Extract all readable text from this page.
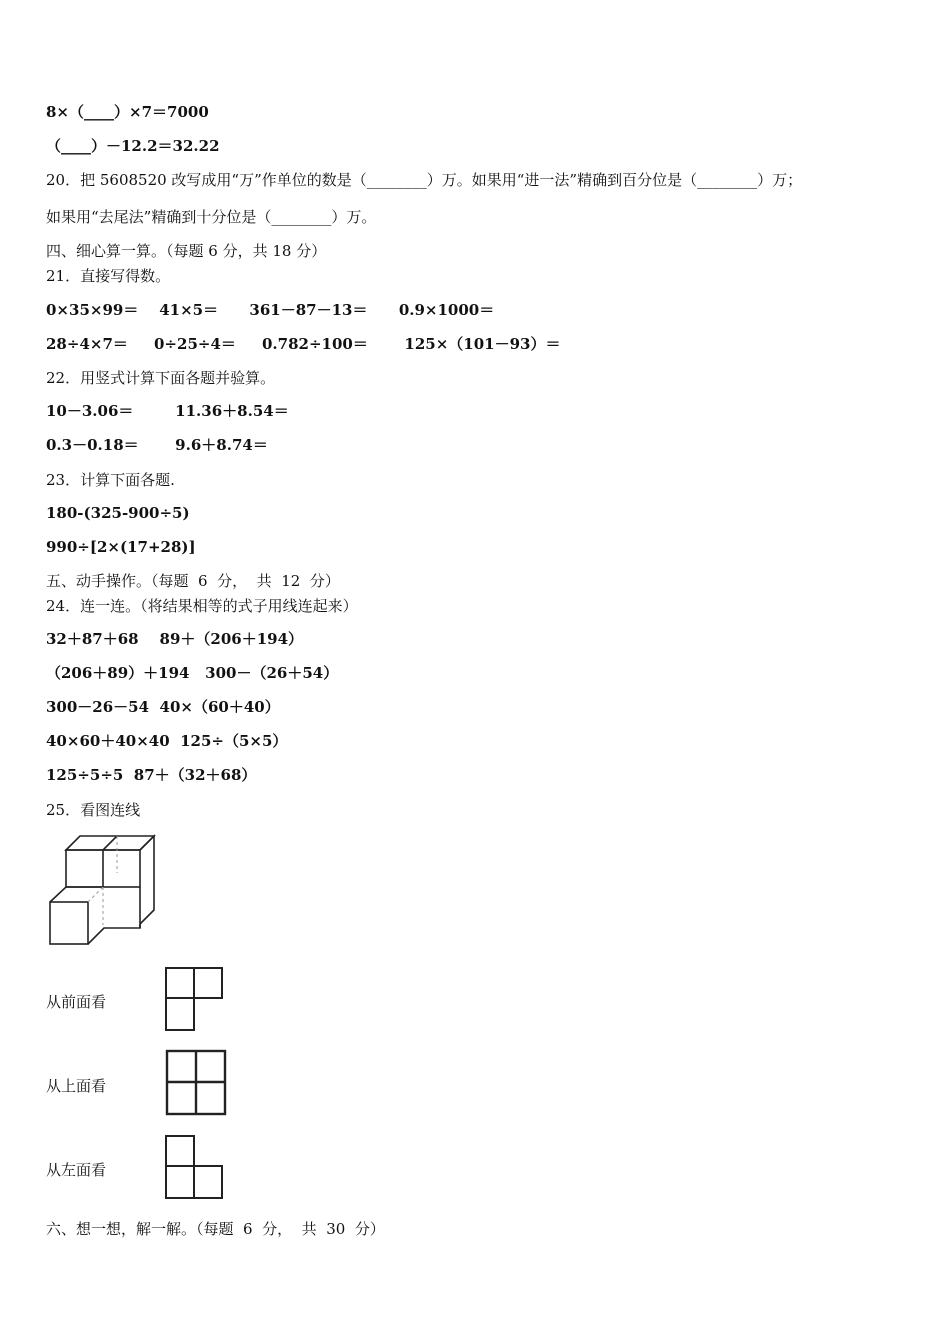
8×（____）×7＝7000
（____）－12.2＝32.22
20．把 5608520 改写成用“万”作单位的数是（________）万。如果用“进一法”精确到百分位是（________）万；
如果用“去尾法”精确到十分位是（________）万。
四、细心算一算。（每题 6 分，共 18 分）
21．直接写得数。
0×35×99＝    41×5＝      361－87－13＝      0.9×1000＝
28÷4×7＝     0÷25÷4＝     0.782÷100＝       125×（101－93）＝
22．用竖式计算下面各题并验算。
10－3.06＝        11.36＋8.54＝
0.3－0.18＝       9.6＋8.74＝
23．计算下面各题.
180-(325-900÷5)
990÷[2×(17+28)]
五、动手操作。（每题  6  分，  共  12  分）
24．连一连。（将结果相等的式子用线连起来）
32＋87＋68    89＋（206＋194）
（206＋89）＋194   300－（26＋54）
300－26－54  40×（60＋40）
40×60＋40×40  125÷（5×5）
125÷5÷5  87＋（32＋68）
25．看图连线
从前面看
从上面看
从左面看
六、想一想，解一解。（每题  6  分，  共  30  分）
